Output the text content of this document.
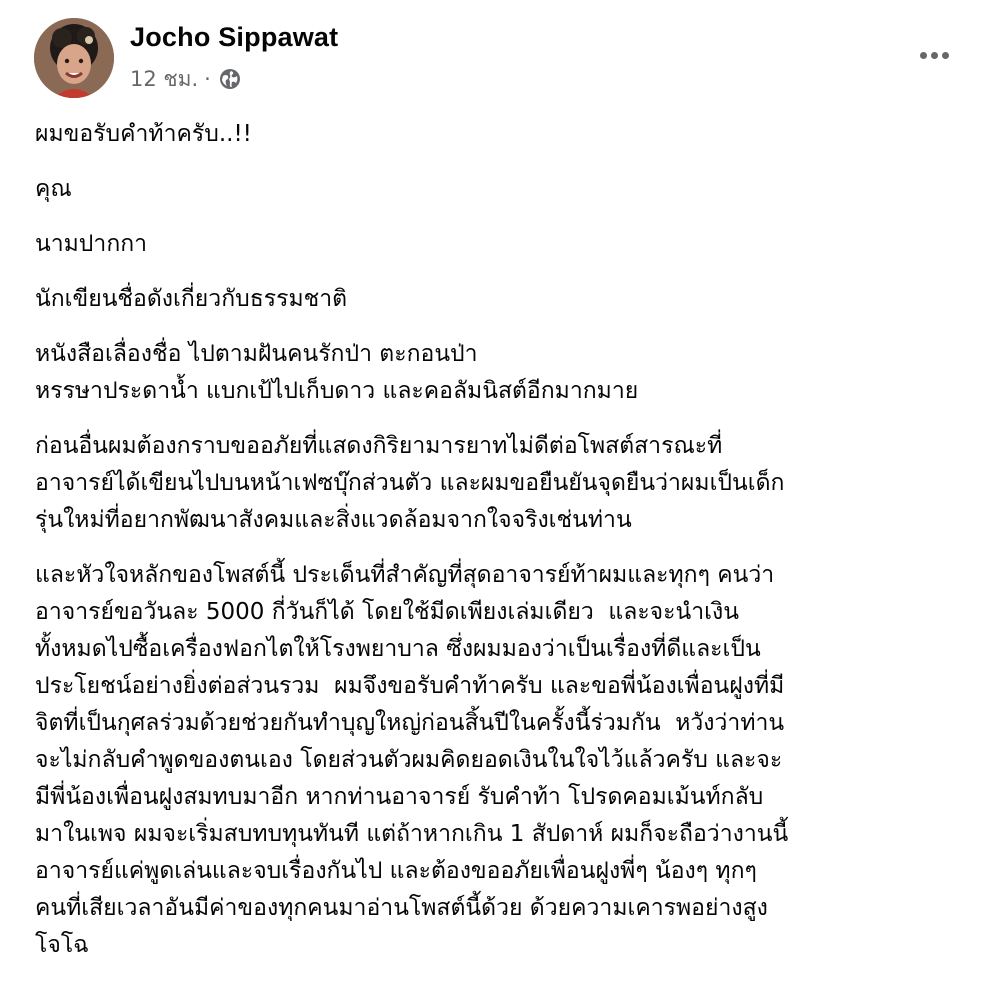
Jocho Sippawat
12 ชม. ·

ผมขอรับคำท้าครับ..!!

คุณ

นามปากกา

นักเขียนชื่อดังเกี่ยวกับธรรมชาติ

หนังสือเลื่องชื่อ ไปตามฝันคนรักป่า ตะกอนป่า
หรรษาประดาน้ำ แบกเป้ไปเก็บดาว และคอลัมนิสต์อีกมากมาย

ก่อนอื่นผมต้องกราบขออภัยที่แสดงกิริยามารยาทไม่ดีต่อโพสต์สารณะที่
อาจารย์ได้เขียนไปบนหน้าเฟซบุ๊กส่วนตัว และผมขอยืนยันจุดยืนว่าผมเป็นเด็ก
รุ่นใหม่ที่อยากพัฒนาสังคมและสิ่งแวดล้อมจากใจจริงเช่นท่าน

และหัวใจหลักของโพสต์นี้ ประเด็นที่สำคัญที่สุดอาจารย์ท้าผมและทุกๆ คนว่า
อาจารย์ขอวันละ 5000 กี่วันก็ได้ โดยใช้มีดเพียงเล่มเดียว  และจะนำเงิน
ทั้งหมดไปซื้อเครื่องฟอกไตให้โรงพยาบาล ซึ่งผมมองว่าเป็นเรื่องที่ดีและเป็น
ประโยชน์อย่างยิ่งต่อส่วนรวม  ผมจึงขอรับคำท้าครับ และขอพี่น้องเพื่อนฝูงที่มี
จิตที่เป็นกุศลร่วมด้วยช่วยกันทำบุญใหญ่ก่อนสิ้นปีในครั้งนี้ร่วมกัน  หวังว่าท่าน
จะไม่กลับคำพูดของตนเอง โดยส่วนตัวผมคิดยอดเงินในใจไว้แล้วครับ และจะ
มีพี่น้องเพื่อนฝูงสมทบมาอีก หากท่านอาจารย์ รับคำท้า โปรดคอมเม้นท์กลับ
มาในเพจ ผมจะเริ่มสบทบทุนทันที แต่ถ้าหากเกิน 1 สัปดาห์ ผมก็จะถือว่างานนี้
อาจารย์แค่พูดเล่นและจบเรื่องกันไป และต้องขออภัยเพื่อนฝูงพี่ๆ น้องๆ ทุกๆ
คนที่เสียเวลาอันมีค่าของทุกคนมาอ่านโพสต์นี้ด้วย ด้วยความเคารพอย่างสูง
โจโฉ
